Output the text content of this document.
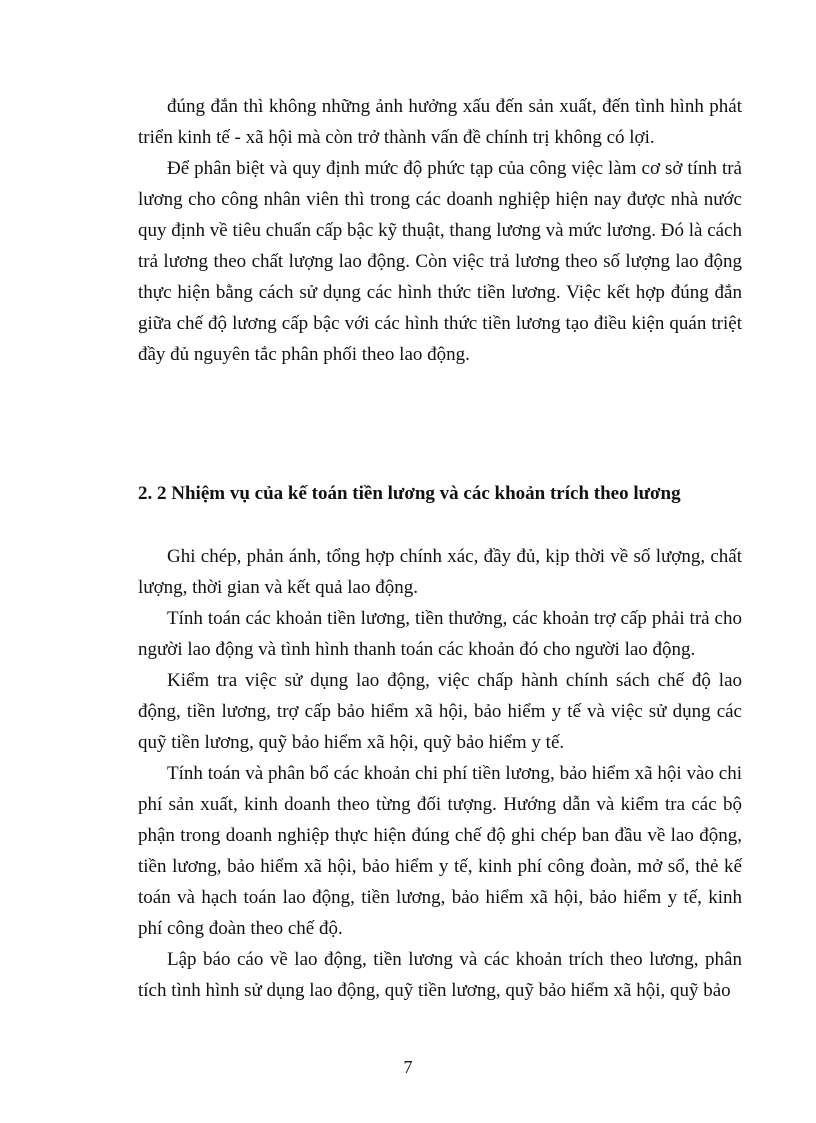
đúng đắn thì không những ảnh hưởng xấu đến sản xuất, đến tình hình phát triển kinh tế - xã hội mà còn trở thành vấn đề chính trị không có lợi.

Để phân biệt và quy định mức độ phức tạp của công việc làm cơ sở tính trả lương cho công nhân viên thì trong các doanh nghiệp hiện nay được nhà nước quy định về tiêu chuẩn cấp bậc kỹ thuật, thang lương và mức lương. Đó là cách trả lương theo chất lượng lao động. Còn việc trả lương theo số lượng lao động thực hiện bằng cách sử dụng các hình thức tiền lương. Việc kết hợp đúng đắn giữa chế độ lương cấp bậc với các hình thức tiền lương tạo điều kiện quán triệt đầy đủ nguyên tắc phân phối theo lao động.

2. 2 Nhiệm vụ của kế toán tiền lương và các khoản trích theo lương

Ghi chép, phản ánh, tổng hợp chính xác, đầy đủ, kịp thời về số lượng, chất lượng, thời gian và kết quả lao động.

Tính toán các khoản tiền lương, tiền thưởng, các khoản trợ cấp phải trả cho người lao động và tình hình thanh toán các khoản đó cho người lao động.

Kiểm tra việc sử dụng lao động, việc chấp hành chính sách chế độ lao động, tiền lương, trợ cấp bảo hiểm xã hội, bảo hiểm y tế và việc sử dụng các quỹ tiền lương, quỹ bảo hiểm xã hội, quỹ bảo hiểm y tế.

Tính toán và phân bổ các khoản chi phí tiền lương, bảo hiểm xã hội vào chi phí sản xuất, kinh doanh theo từng đối tượng. Hướng dẫn và kiểm tra các bộ phận trong doanh nghiệp thực hiện đúng chế độ ghi chép ban đầu về lao động, tiền lương, bảo hiểm xã hội, bảo hiểm y tế, kinh phí công đoàn, mở sổ, thẻ kế toán và hạch toán lao động, tiền lương, bảo hiểm xã hội, bảo hiểm y tế, kinh phí công đoàn theo chế độ.

Lập báo cáo về lao động, tiền lương và các khoản trích theo lương, phân tích tình hình sử dụng lao động, quỹ tiền lương, quỹ bảo hiểm xã hội, quỹ bảo

7
